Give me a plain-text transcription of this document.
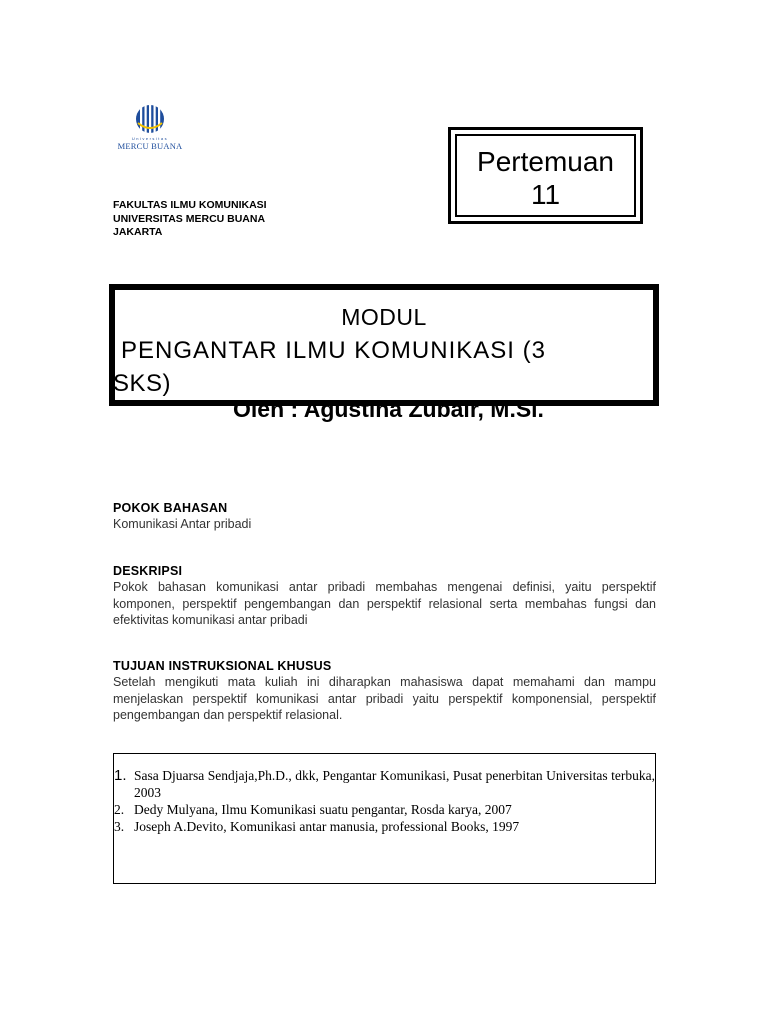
Universitas
MERCU BUANA
FAKULTAS ILMU KOMUNIKASI
UNIVERSITAS MERCU BUANA
JAKARTA
Pertemuan
11
MODUL
PENGANTAR ILMU KOMUNIKASI (3
SKS)
Oleh : Agustina Zubair, M.Si.
POKOK BAHASAN
Komunikasi Antar pribadi
DESKRIPSI
Pokok bahasan komunikasi antar pribadi membahas mengenai definisi, yaitu perspektif komponen, perspektif pengembangan dan perspektif relasional serta membahas fungsi dan efektivitas komunikasi antar pribadi
TUJUAN INSTRUKSIONAL KHUSUS
Setelah mengikuti mata kuliah ini diharapkan mahasiswa dapat memahami dan mampu menjelaskan perspektif komunikasi antar pribadi yaitu perspektif komponensial, perspektif pengembangan dan perspektif relasional.
1. Sasa Djuarsa Sendjaja,Ph.D., dkk, Pengantar Komunikasi, Pusat penerbitan Universitas terbuka, 2003
2. Dedy Mulyana, Ilmu Komunikasi suatu pengantar, Rosda karya, 2007
3. Joseph A.Devito, Komunikasi antar manusia, professional Books, 1997
